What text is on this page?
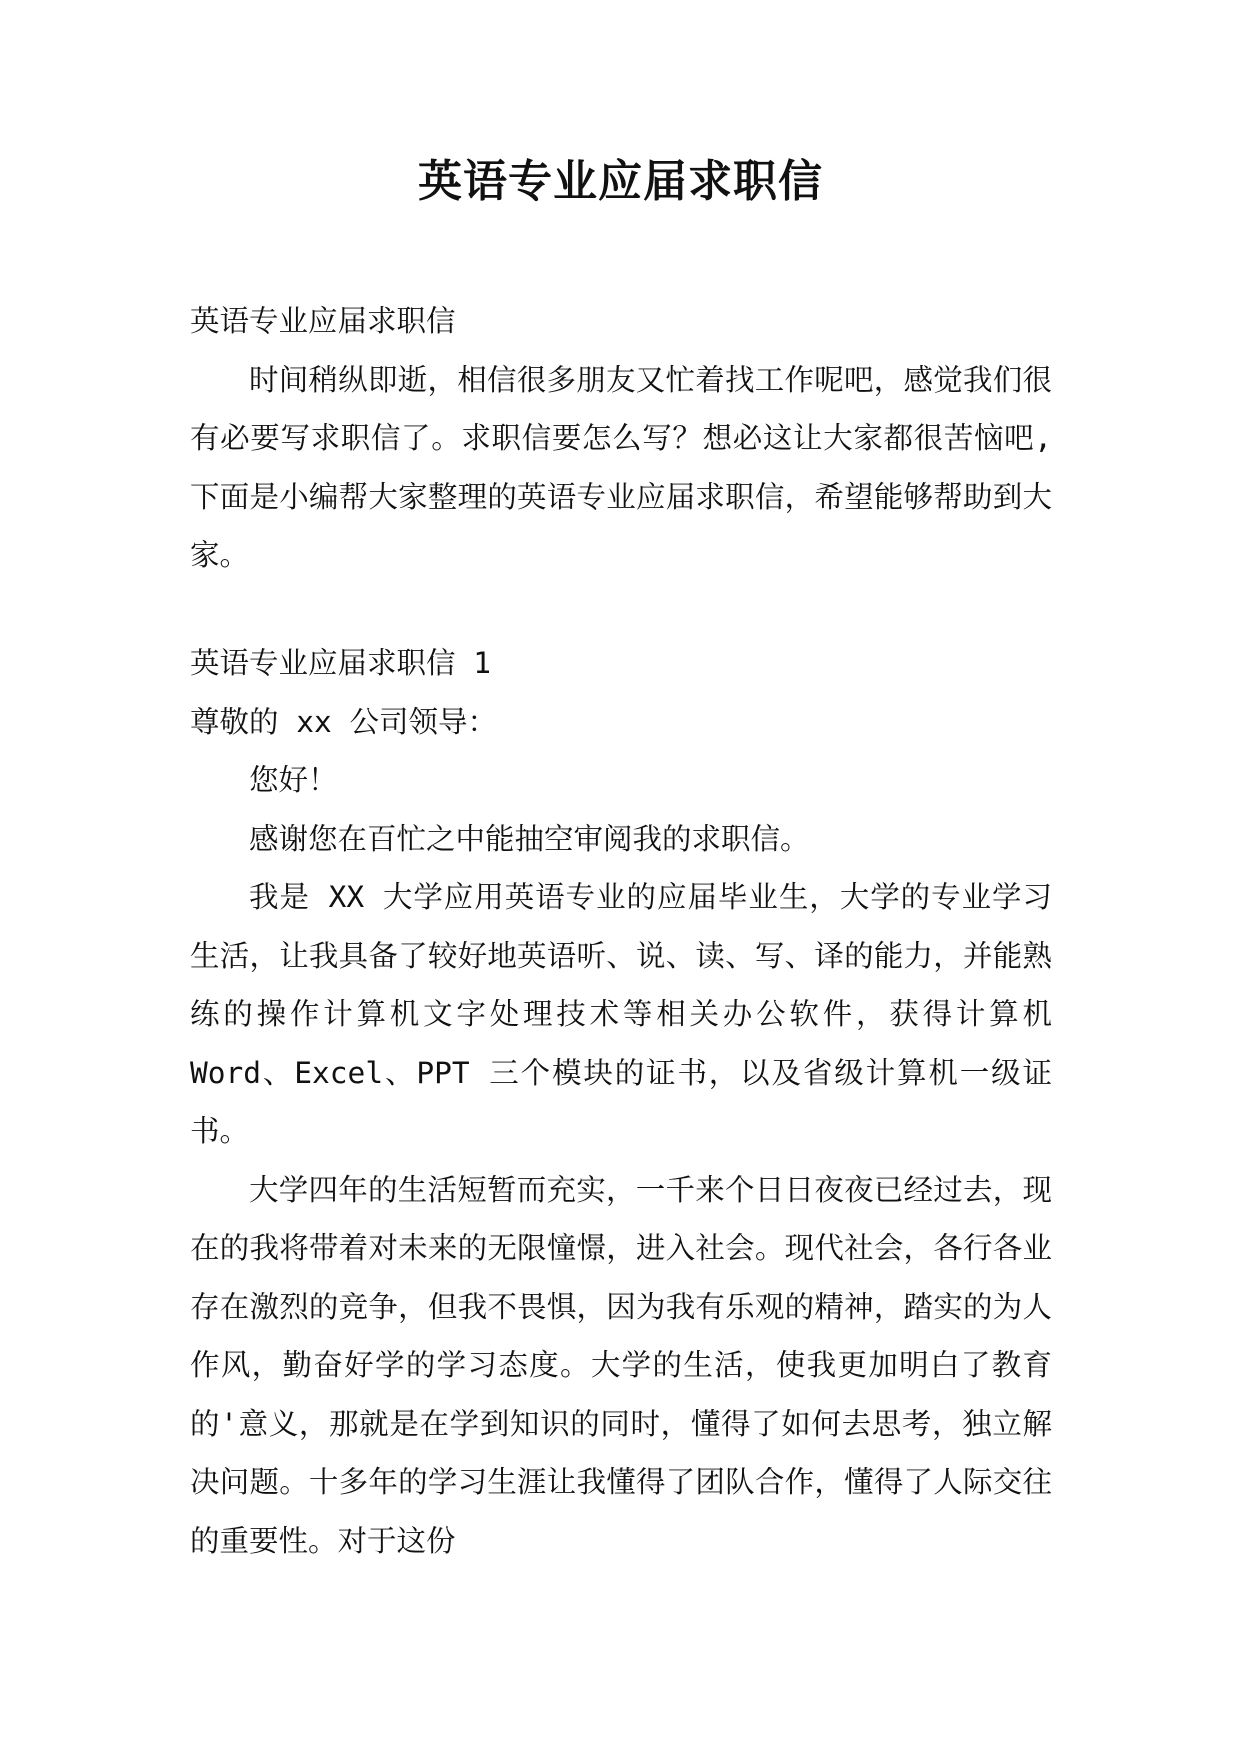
英语专业应届求职信

英语专业应届求职信

时间稍纵即逝，相信很多朋友又忙着找工作呢吧，感觉我们很有必要写求职信了。求职信要怎么写？想必这让大家都很苦恼吧,下面是小编帮大家整理的英语专业应届求职信，希望能够帮助到大家。

英语专业应届求职信 1

尊敬的 xx 公司领导：

您好！

感谢您在百忙之中能抽空审阅我的求职信。

我是 XX 大学应用英语专业的应届毕业生，大学的专业学习生活，让我具备了较好地英语听、说、读、写、译的能力，并能熟练的操作计算机文字处理技术等相关办公软件，获得计算机 Word、Excel、PPT 三个模块的证书，以及省级计算机一级证书。

大学四年的生活短暂而充实，一千来个日日夜夜已经过去，现在的我将带着对未来的无限憧憬，进入社会。现代社会，各行各业存在激烈的竞争，但我不畏惧，因为我有乐观的精神，踏实的为人作风，勤奋好学的学习态度。大学的生活，使我更加明白了教育的'意义，那就是在学到知识的同时，懂得了如何去思考，独立解决问题。十多年的学习生涯让我懂得了团队合作，懂得了人际交往的重要性。对于这份
